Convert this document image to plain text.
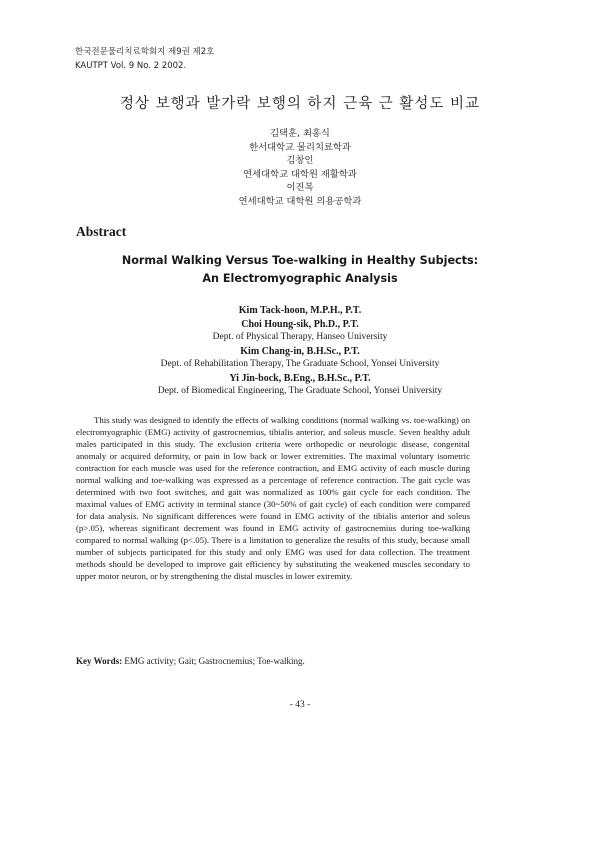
한국전문물리치료학회지 제9권 제2호
KAUTPT Vol. 9 No. 2 2002.
정상 보행과 발가락 보행의 하지 근육 근 활성도 비교
김택훈, 최홍식
한서대학교 물리치료학과
김창인
연세대학교 대학원 재활학과
이진복
연세대학교 대학원 의용공학과
Abstract
Normal Walking Versus Toe-walking in Healthy Subjects:
An Electromyographic Analysis
Kim Tack-hoon, M.P.H., P.T.
Choi Houng-sik, Ph.D., P.T.
Dept. of Physical Therapy, Hanseo University
Kim Chang-in, B.H.Sc., P.T.
Dept. of Rehabilitation Therapy, The Graduate School, Yonsei University
Yi Jin-bock, B.Eng., B.H.Sc., P.T.
Dept. of Biomedical Engineering, The Graduate School, Yonsei University

This study was designed to identify the effects of walking conditions (normal walking vs. toe-walking) on electromyographic (EMG) activity of gastrocnemius, tibialis anterior, and soleus muscle. Seven healthy adult males participated in this study. The exclusion criteria were orthopedic or neurologic disease, congenital anomaly or acquired deformity, or pain in low back or lower extremities. The maximal voluntary isometric contraction for each muscle was used for the reference contraction, and EMG activity of each muscle during normal walking and toe-walking was expressed as a percentage of reference contraction. The gait cycle was determined with two foot switches, and gait was normalized as 100% gait cycle for each condition. The maximal values of EMG activity in terminal stance (30~50% of gait cycle) of each condition were compared for data analysis. No significant differences were found in EMG activity of the tibialis anterior and soleus (p>.05), whereas significant decrement was found in EMG activity of gastrocnemius during toe-walking compared to normal walking (p<.05). There is a limitation to generalize the results of this study, because small number of subjects participated for this study and only EMG was used for data collection. The treatment methods should be developed to improve gait efficiency by substituting the weakened muscles secondary to upper motor neuron, or by strengthening the distal muscles in lower extremity.

Key Words: EMG activity; Gait; Gastrocnemius; Toe-walking.
- 43 -
